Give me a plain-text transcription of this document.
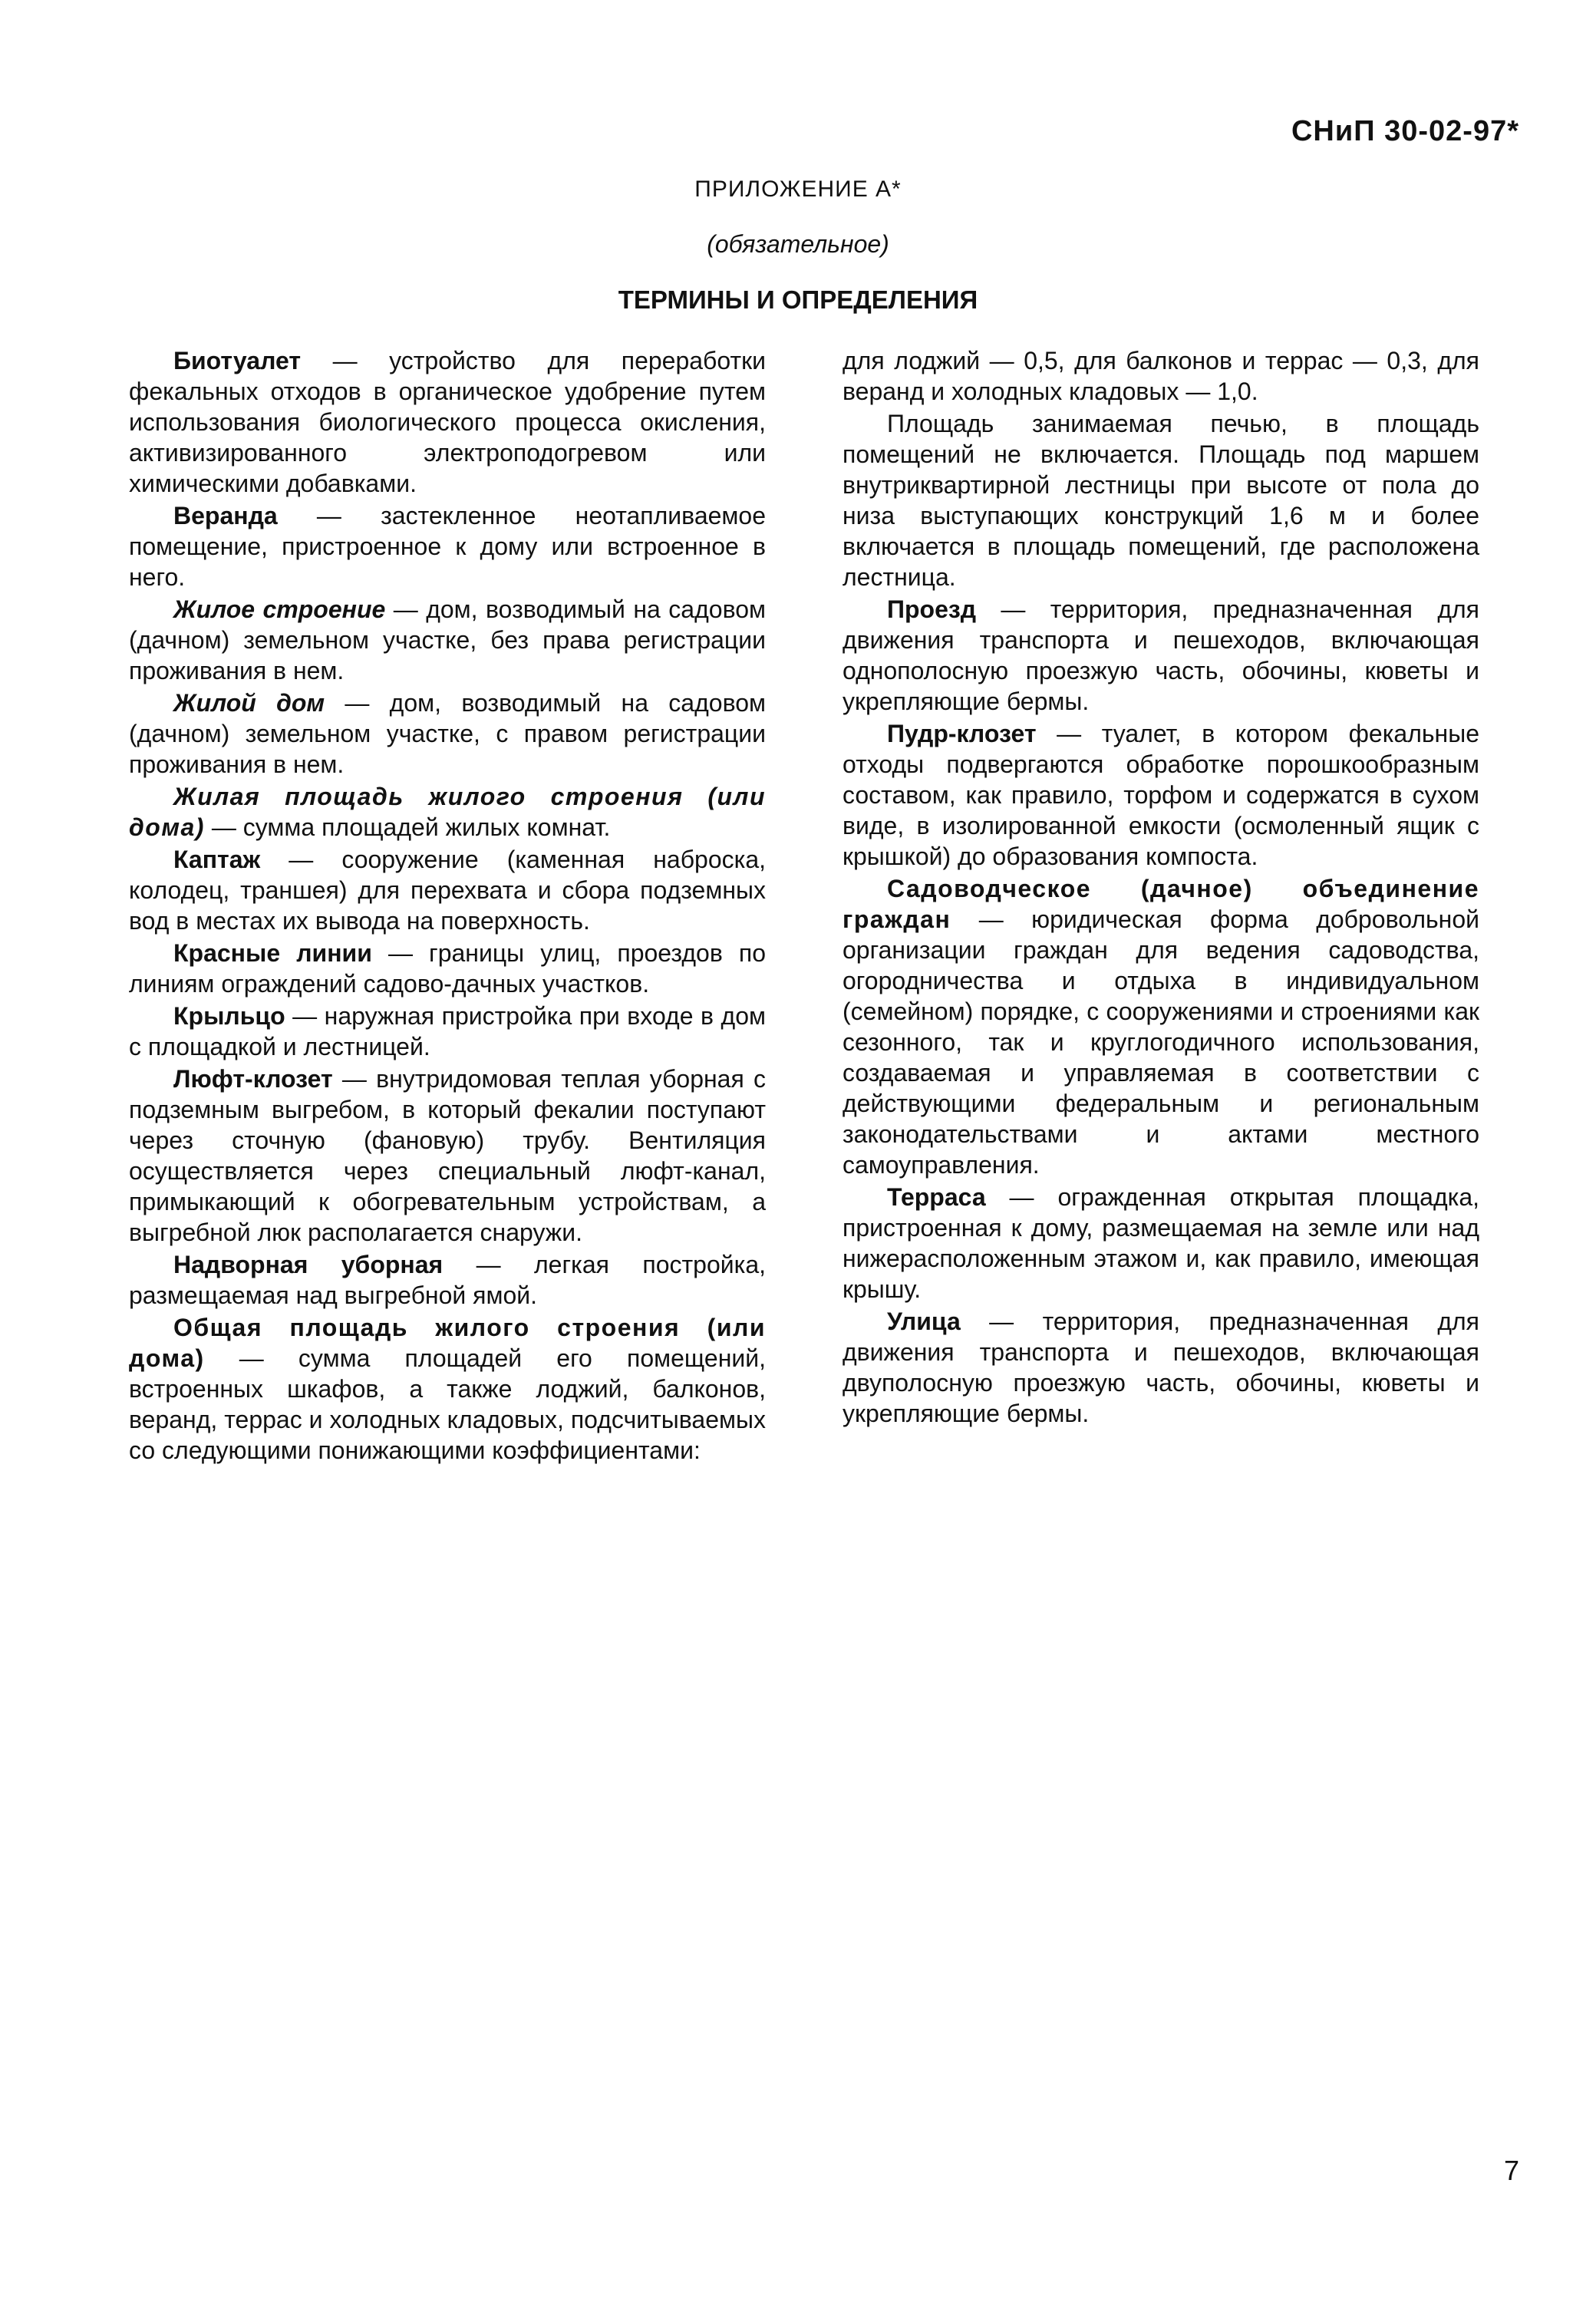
СНиП 30-02-97*
ПРИЛОЖЕНИЕ А*
(обязательное)
ТЕРМИНЫ И ОПРЕДЕЛЕНИЯ

Биотуалет — устройство для переработки фекальных отходов в органическое удобрение путем использования биологического процесса окисления, активизированного электроподогревом или химическими добавками.

Веранда — застекленное неотапливаемое помещение, пристроенное к дому или встроенное в него.

Жилое строение — дом, возводимый на садовом (дачном) земельном участке, без права регистрации проживания в нем.

Жилой дом — дом, возводимый на садовом (дачном) земельном участке, с правом регистрации проживания в нем.

Жилая площадь жилого строения (или дома) — сумма площадей жилых комнат.

Каптаж — сооружение (каменная наброска, колодец, траншея) для перехвата и сбора подземных вод в местах их вывода на поверхность.

Красные линии — границы улиц, проездов по линиям ограждений садово-дачных участков.

Крыльцо — наружная пристройка при входе в дом с площадкой и лестницей.

Люфт-клозет — внутридомовая теплая уборная с подземным выгребом, в который фекалии поступают через сточную (фановую) трубу. Вентиляция осуществляется через специальный люфт-канал, примыкающий к обогревательным устройствам, а выгребной люк располагается снаружи.

Надворная уборная — легкая постройка, размещаемая над выгребной ямой.

Общая площадь жилого строения (или дома) — сумма площадей его помещений, встроенных шкафов, а также лоджий, балконов, веранд, террас и холодных кладовых, подсчитываемых со следующими понижающими коэффициентами:

для лоджий — 0,5, для балконов и террас — 0,3, для веранд и холодных кладовых — 1,0.

Площадь занимаемая печью, в площадь помещений не включается. Площадь под маршем внутриквартирной лестницы при высоте от пола до низа выступающих конструкций 1,6 м и более включается в площадь помещений, где расположена лестница.

Проезд — территория, предназначенная для движения транспорта и пешеходов, включающая однополосную проезжую часть, обочины, кюветы и укрепляющие бермы.

Пудр-клозет — туалет, в котором фекальные отходы подвергаются обработке порошкообразным составом, как правило, торфом и содержатся в сухом виде, в изолированной емкости (осмоленный ящик с крышкой) до образования компоста.

Садоводческое (дачное) объединение граждан — юридическая форма добровольной организации граждан для ведения садоводства, огородничества и отдыха в индивидуальном (семейном) порядке, с сооружениями и строениями как сезонного, так и круглогодичного использования, создаваемая и управляемая в соответствии с действующими федеральным и региональным законодательствами и актами местного самоуправления.

Терраса — огражденная открытая площадка, пристроенная к дому, размещаемая на земле или над нижерасположенным этажом и, как правило, имеющая крышу.

Улица — территория, предназначенная для движения транспорта и пешеходов, включающая двуполосную проезжую часть, обочины, кюветы и укрепляющие бермы.

7
